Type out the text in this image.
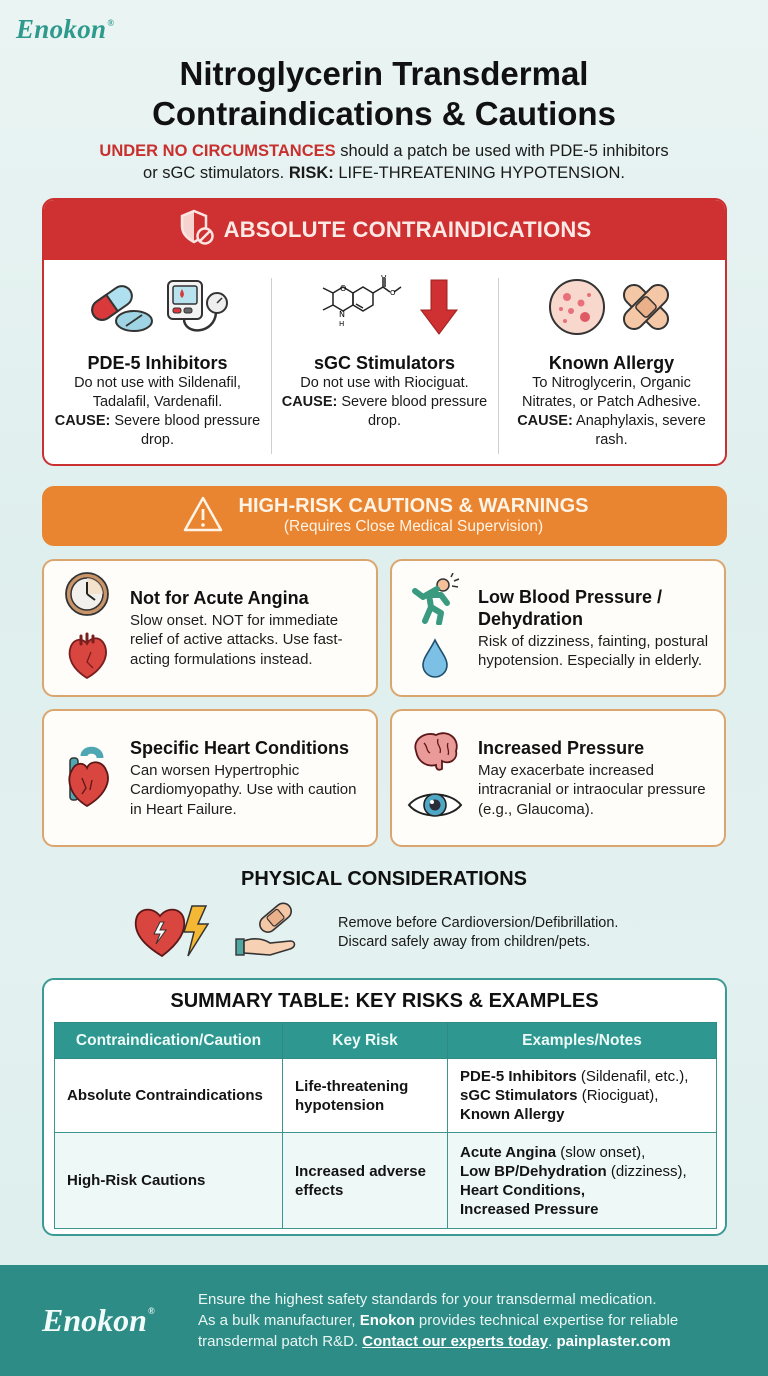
Enokon®
Nitroglycerin Transdermal
Contraindications & Cautions
UNDER NO CIRCUMSTANCES should a patch be used with PDE-5 inhibitors
or sGC stimulators. RISK: LIFE-THREATENING HYPOTENSION.
ABSOLUTE CONTRAINDICATIONS
PDE-5 Inhibitors

Do not use with Sildenafil,
Tadalafil, Vardenafil.
CAUSE: Severe blood pressure drop.

O
N
H
O
O
sGC Stimulators

Do not use with Riociguat.
CAUSE: Severe blood pressure drop.

Known Allergy

To Nitroglycerin, Organic
Nitrates, or Patch Adhesive.
CAUSE: Anaphylaxis, severe rash.

HIGH-RISK CAUTIONS & WARNINGS
(Requires Close Medical Supervision)
Not for Acute Angina

Slow onset. NOT for immediate relief of active attacks. Use fast-acting formulations instead.

Low Blood Pressure / Dehydration

Risk of dizziness, fainting, postural hypotension. Especially in elderly.

Specific Heart Conditions

Can worsen Hypertrophic Cardiomyopathy. Use with caution in Heart Failure.

Increased Pressure

May exacerbate increased intracranial or intraocular pressure (e.g., Glaucoma).

PHYSICAL CONSIDERATIONS
Remove before Cardioversion/Defibrillation.
Discard safely away from children/pets.
SUMMARY TABLE: KEY RISKS & EXAMPLES
Contraindication/Caution	Key Risk	Examples/Notes
Absolute Contraindications	Life-threatening hypotension	PDE-5 Inhibitors (Sildenafil, etc.),
sGC Stimulators (Riociguat),
Known Allergy

High-Risk Cautions	Increased adverse effects	Acute Angina (slow onset),
Low BP/Dehydration (dizziness),
Heart Conditions,
Increased Pressure
Enokon®
Ensure the highest safety standards for your transdermal medication.
As a bulk manufacturer, Enokon provides technical expertise for reliable
transdermal patch R&D. Contact our experts today. painplaster.com
